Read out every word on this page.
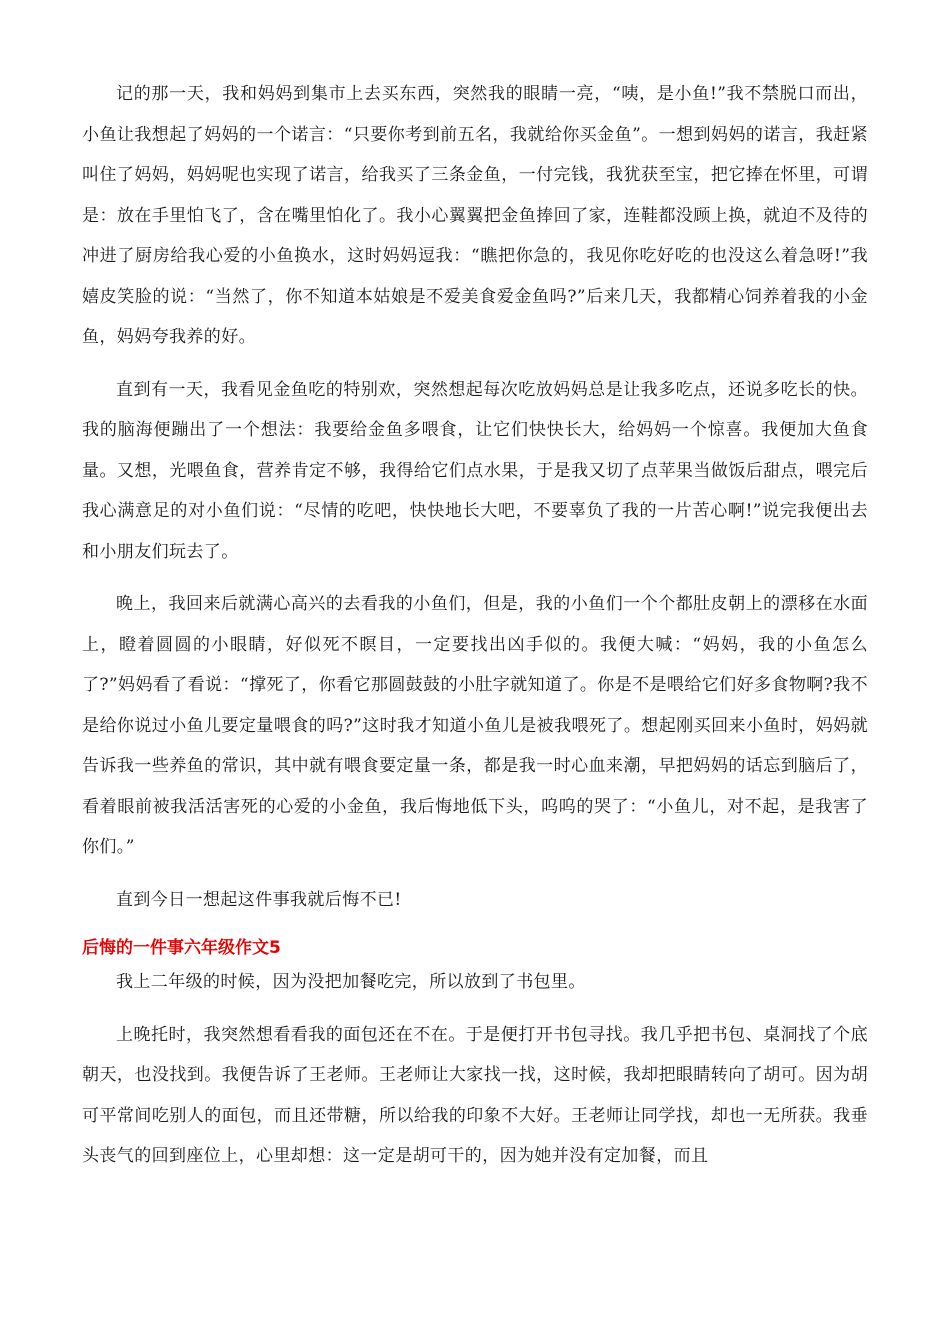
记的那一天，我和妈妈到集市上去买东西，突然我的眼睛一亮，“咦，是小鱼!”我不禁脱口而出，小鱼让我想起了妈妈的一个诺言：“只要你考到前五名，我就给你买金鱼”。一想到妈妈的诺言，我赶紧叫住了妈妈，妈妈呢也实现了诺言，给我买了三条金鱼，一付完钱，我犹获至宝，把它捧在怀里，可谓是：放在手里怕飞了，含在嘴里怕化了。我小心翼翼把金鱼捧回了家，连鞋都没顾上换，就迫不及待的冲进了厨房给我心爱的小鱼换水，这时妈妈逗我：“瞧把你急的，我见你吃好吃的也没这么着急呀!”我嬉皮笑脸的说：“当然了，你不知道本姑娘是不爱美食爱金鱼吗?”后来几天，我都精心饲养着我的小金鱼，妈妈夸我养的好。

直到有一天，我看见金鱼吃的特别欢，突然想起每次吃放妈妈总是让我多吃点，还说多吃长的快。我的脑海便蹦出了一个想法：我要给金鱼多喂食，让它们快快长大，给妈妈一个惊喜。我便加大鱼食量。又想，光喂鱼食，营养肯定不够，我得给它们点水果，于是我又切了点苹果当做饭后甜点，喂完后我心满意足的对小鱼们说：“尽情的吃吧，快快地长大吧，不要辜负了我的一片苦心啊!”说完我便出去和小朋友们玩去了。

晚上，我回来后就满心高兴的去看我的小鱼们，但是，我的小鱼们一个个都肚皮朝上的漂移在水面上，瞪着圆圆的小眼睛，好似死不瞑目，一定要找出凶手似的。我便大喊：“妈妈，我的小鱼怎么了?”妈妈看了看说：“撑死了，你看它那圆鼓鼓的小肚字就知道了。你是不是喂给它们好多食物啊?我不是给你说过小鱼儿要定量喂食的吗?”这时我才知道小鱼儿是被我喂死了。想起刚买回来小鱼时，妈妈就告诉我一些养鱼的常识，其中就有喂食要定量一条，都是我一时心血来潮，早把妈妈的话忘到脑后了，看着眼前被我活活害死的心爱的小金鱼，我后悔地低下头，呜呜的哭了：“小鱼儿，对不起，是我害了你们。”

直到今日一想起这件事我就后悔不已!

后悔的一件事六年级作文5

我上二年级的时候，因为没把加餐吃完，所以放到了书包里。

上晚托时，我突然想看看我的面包还在不在。于是便打开书包寻找。我几乎把书包、桌洞找了个底朝天，也没找到。我便告诉了王老师。王老师让大家找一找，这时候，我却把眼睛转向了胡可。因为胡可平常间吃别人的面包，而且还带糖，所以给我的印象不大好。王老师让同学找，却也一无所获。我垂头丧气的回到座位上，心里却想：这一定是胡可干的，因为她并没有定加餐，而且
